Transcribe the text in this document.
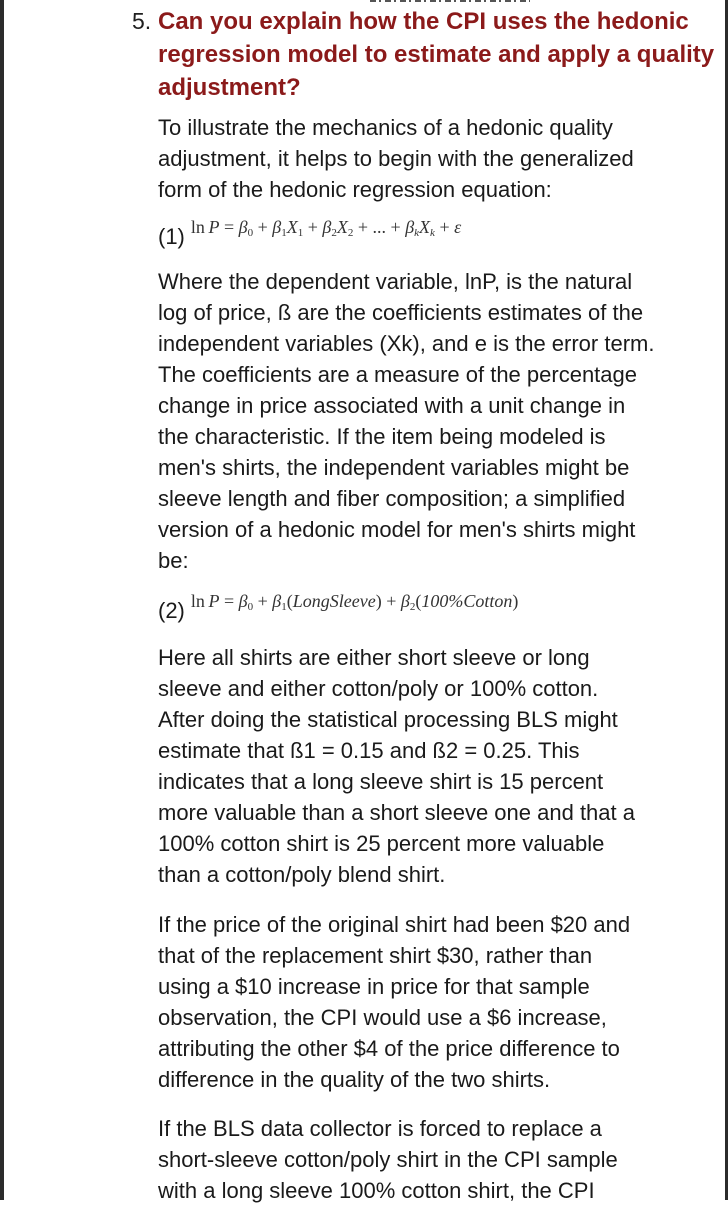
5. Can you explain how the CPI uses the hedonic regression model to estimate and apply a quality adjustment?

To illustrate the mechanics of a hedonic quality
adjustment, it helps to begin with the generalized
form of the hedonic regression equation:

(1) $\ln P = \beta_0 + \beta_1X_1 + \beta_2X_2$ + ... + $\beta_kX_k + \varepsilon$

Where the dependent variable, lnP, is the natural
log of price, ß are the coefficients estimates of the
independent variables (Xk), and e is the error term.
The coefficients are a measure of the percentage
change in price associated with a unit change in
the characteristic. If the item being modeled is
men's shirts, the independent variables might be
sleeve length and fiber composition; a simplified
version of a hedonic model for men's shirts might
be:

(2) $\ln P = \beta_0$ + $\beta_1(LongSleeve)$ + $\beta_2(100\%Cotton)$

Here all shirts are either short sleeve or long
sleeve and either cotton/poly or 100% cotton.
After doing the statistical processing BLS might
estimate that ß1 = 0.15 and ß2 = 0.25. This
indicates that a long sleeve shirt is 15 percent
more valuable than a short sleeve one and that a
100% cotton shirt is 25 percent more valuable
than a cotton/poly blend shirt.

If the price of the original shirt had been $20 and
that of the replacement shirt $30, rather than
using a $10 increase in price for that sample
observation, the CPI would use a $6 increase,
attributing the other $4 of the price difference to
difference in the quality of the two shirts.

If the BLS data collector is forced to replace a
short-sleeve cotton/poly shirt in the CPI sample
with a long sleeve 100% cotton shirt, the CPI
